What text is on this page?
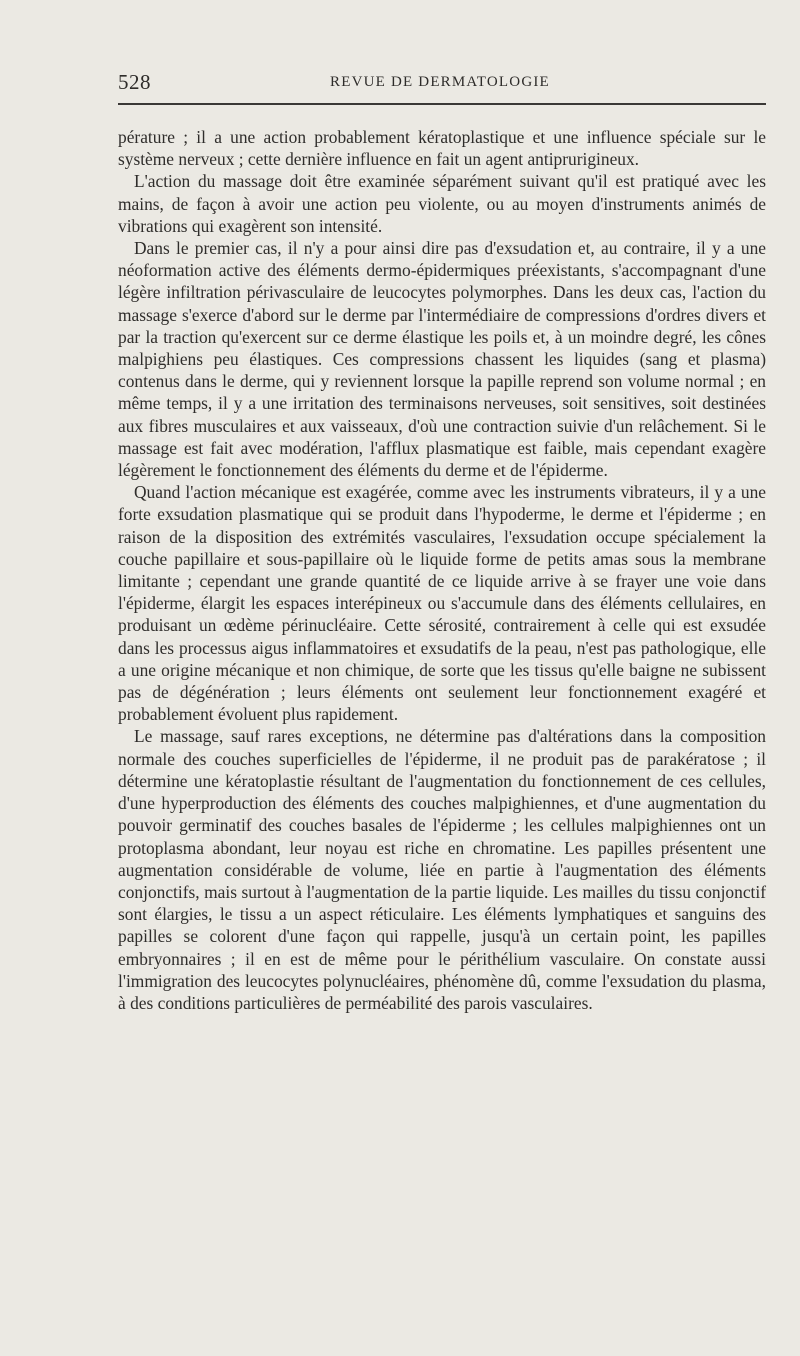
528	REVUE DE DERMATOLOGIE

pérature ; il a une action probablement kératoplastique et une influence spéciale sur le système nerveux ; cette dernière influence en fait un agent antiprurigineux.

L'action du massage doit être examinée séparément suivant qu'il est pratiqué avec les mains, de façon à avoir une action peu violente, ou au moyen d'instruments animés de vibrations qui exagèrent son intensité.

Dans le premier cas, il n'y a pour ainsi dire pas d'exsudation et, au contraire, il y a une néoformation active des éléments dermo-épidermiques préexistants, s'accompagnant d'une légère infiltration périvasculaire de leucocytes polymorphes. Dans les deux cas, l'action du massage s'exerce d'abord sur le derme par l'intermédiaire de compressions d'ordres divers et par la traction qu'exercent sur ce derme élastique les poils et, à un moindre degré, les cônes malpighiens peu élastiques. Ces compressions chassent les liquides (sang et plasma) contenus dans le derme, qui y reviennent lorsque la papille reprend son volume normal ; en même temps, il y a une irritation des terminaisons nerveuses, soit sensitives, soit destinées aux fibres musculaires et aux vaisseaux, d'où une contraction suivie d'un relâchement. Si le massage est fait avec modération, l'afflux plasmatique est faible, mais cependant exagère légèrement le fonctionnement des éléments du derme et de l'épiderme.

Quand l'action mécanique est exagérée, comme avec les instruments vibrateurs, il y a une forte exsudation plasmatique qui se produit dans l'hypoderme, le derme et l'épiderme ; en raison de la disposition des extrémités vasculaires, l'exsudation occupe spécialement la couche papillaire et sous-papillaire où le liquide forme de petits amas sous la membrane limitante ; cependant une grande quantité de ce liquide arrive à se frayer une voie dans l'épiderme, élargit les espaces interépineux ou s'accumule dans des éléments cellulaires, en produisant un œdème périnucléaire. Cette sérosité, contrairement à celle qui est exsudée dans les processus aigus inflammatoires et exsudatifs de la peau, n'est pas pathologique, elle a une origine mécanique et non chimique, de sorte que les tissus qu'elle baigne ne subissent pas de dégénération ; leurs éléments ont seulement leur fonctionnement exagéré et probablement évoluent plus rapidement.

Le massage, sauf rares exceptions, ne détermine pas d'altérations dans la composition normale des couches superficielles de l'épiderme, il ne produit pas de parakératose ; il détermine une kératoplastie résultant de l'augmentation du fonctionnement de ces cellules, d'une hyperproduction des éléments des couches malpighiennes, et d'une augmentation du pouvoir germinatif des couches basales de l'épiderme ; les cellules malpighiennes ont un protoplasma abondant, leur noyau est riche en chromatine. Les papilles présentent une augmentation considérable de volume, liée en partie à l'augmentation des éléments conjonctifs, mais surtout à l'augmentation de la partie liquide. Les mailles du tissu conjonctif sont élargies, le tissu a un aspect réticulaire. Les éléments lymphatiques et sanguins des papilles se colorent d'une façon qui rappelle, jusqu'à un certain point, les papilles embryonnaires ; il en est de même pour le périthélium vasculaire. On constate aussi l'immigration des leucocytes polynucléaires, phénomène dû, comme l'exsudation du plasma, à des conditions particulières de perméabilité des parois vasculaires.
